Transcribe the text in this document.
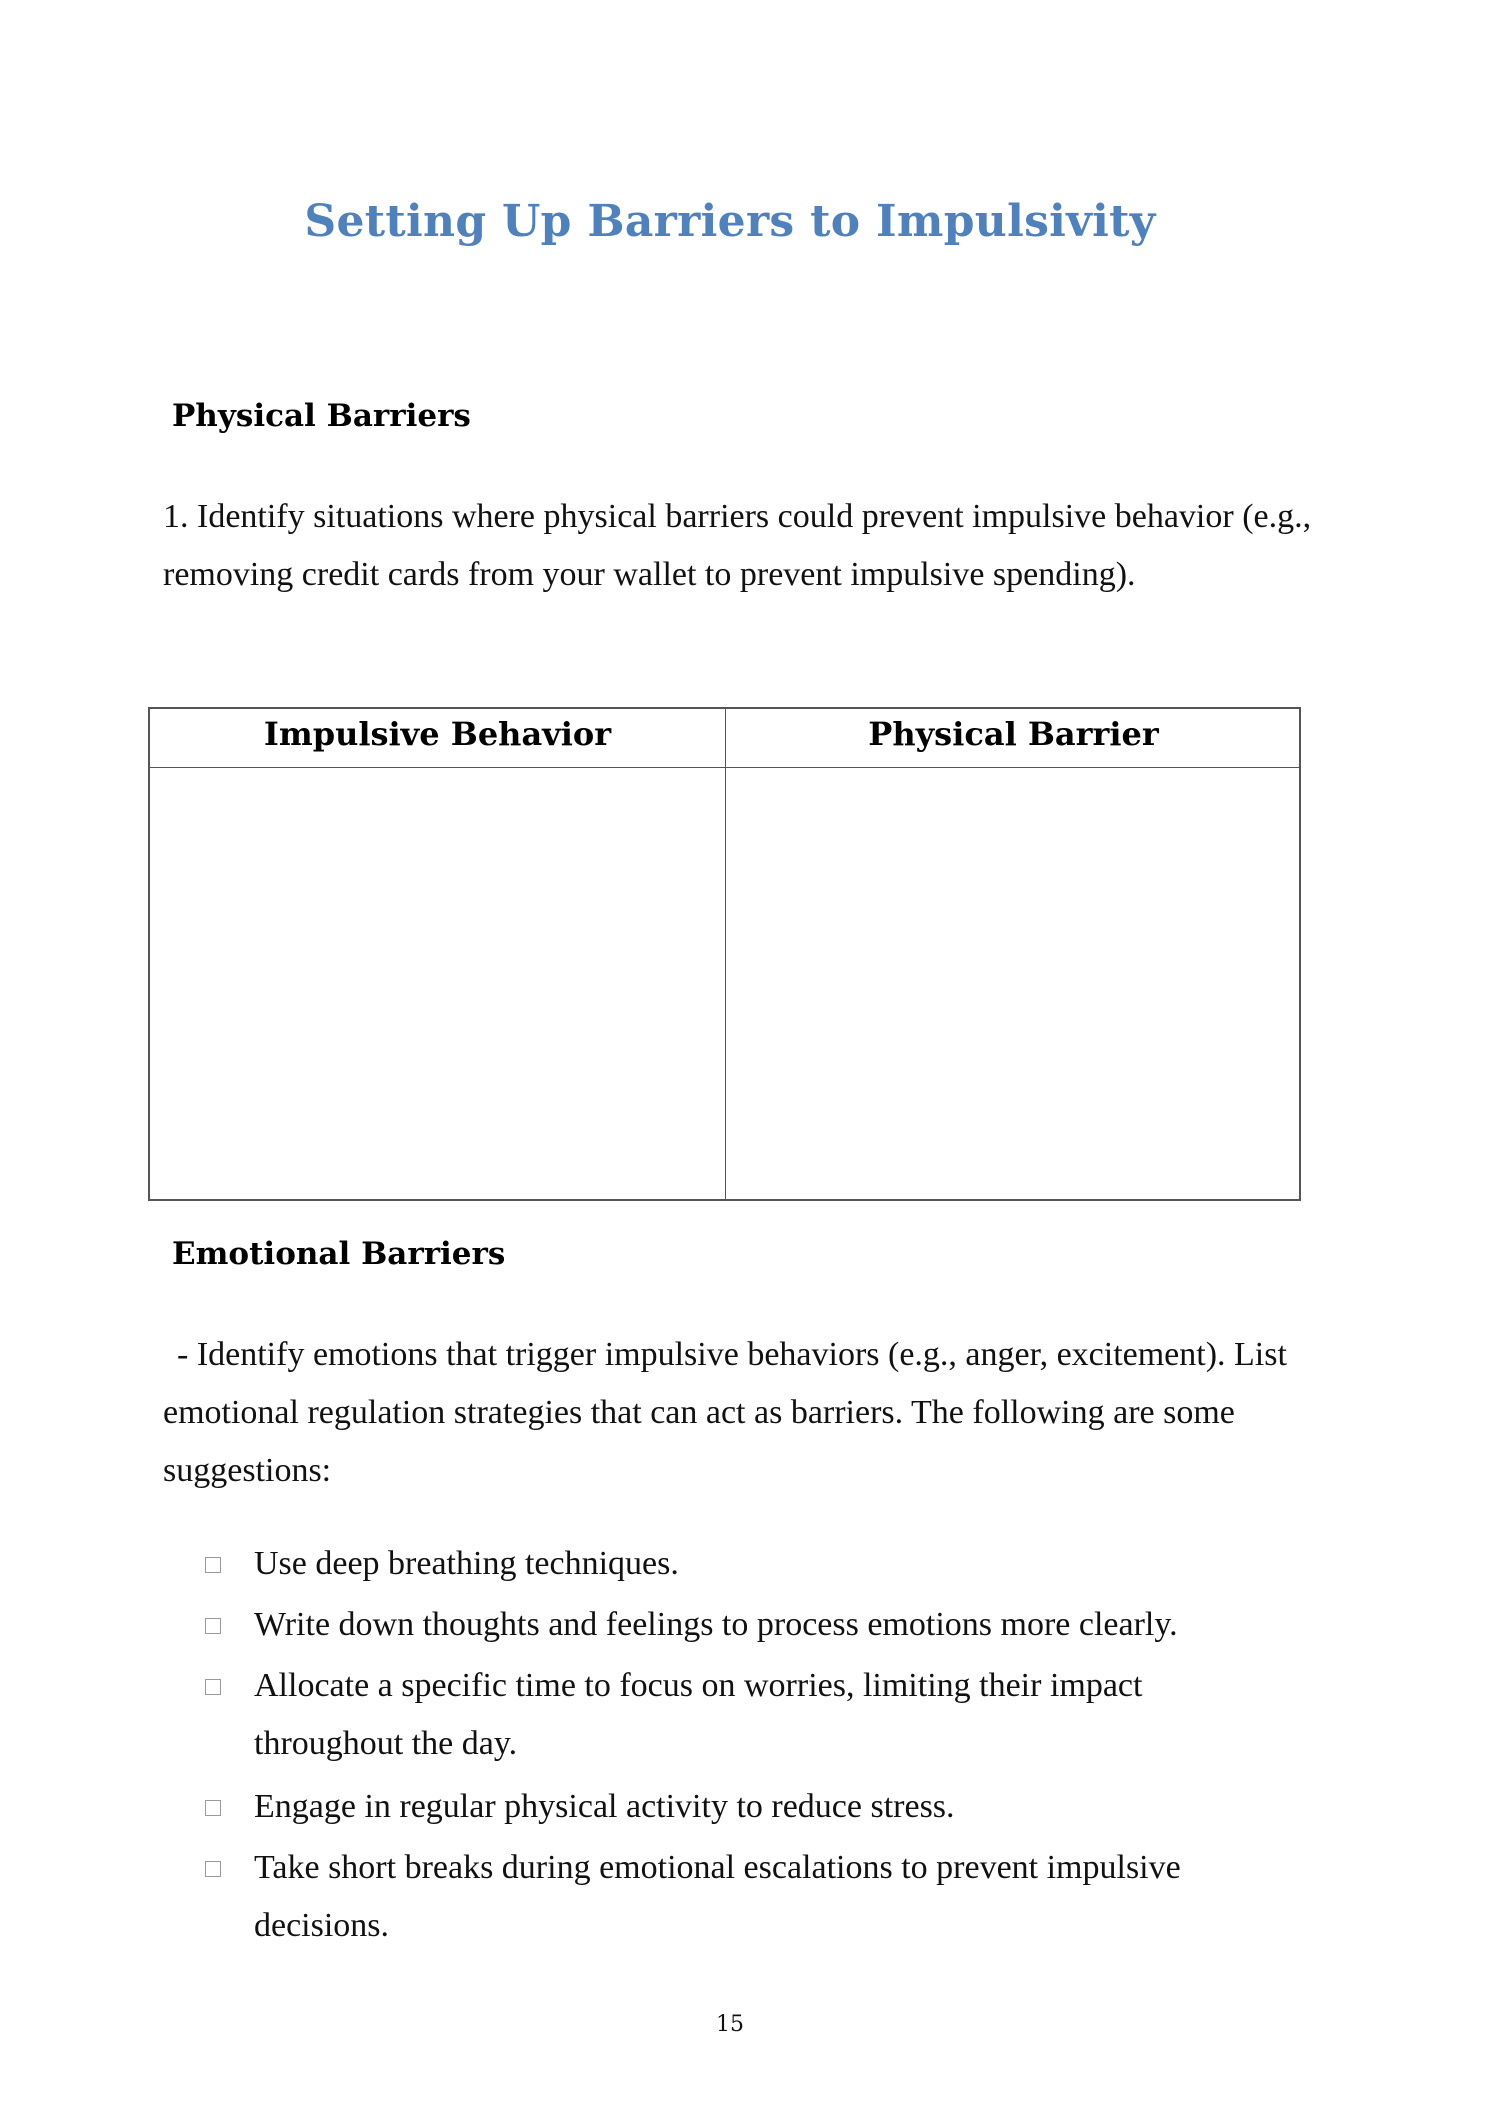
Setting Up Barriers to Impulsivity
Physical Barriers
1. Identify situations where physical barriers could prevent impulsive behavior (e.g., removing credit cards from your wallet to prevent impulsive spending).
Impulsive Behavior	Physical Barrier
Emotional Barriers
- Identify emotions that trigger impulsive behaviors (e.g., anger, excitement). List emotional regulation strategies that can act as barriers. The following are some suggestions:
Use deep breathing techniques.
Write down thoughts and feelings to process emotions more clearly.
Allocate a specific time to focus on worries, limiting their impact throughout the day.
Engage in regular physical activity to reduce stress.
Take short breaks during emotional escalations to prevent impulsive decisions.
15
